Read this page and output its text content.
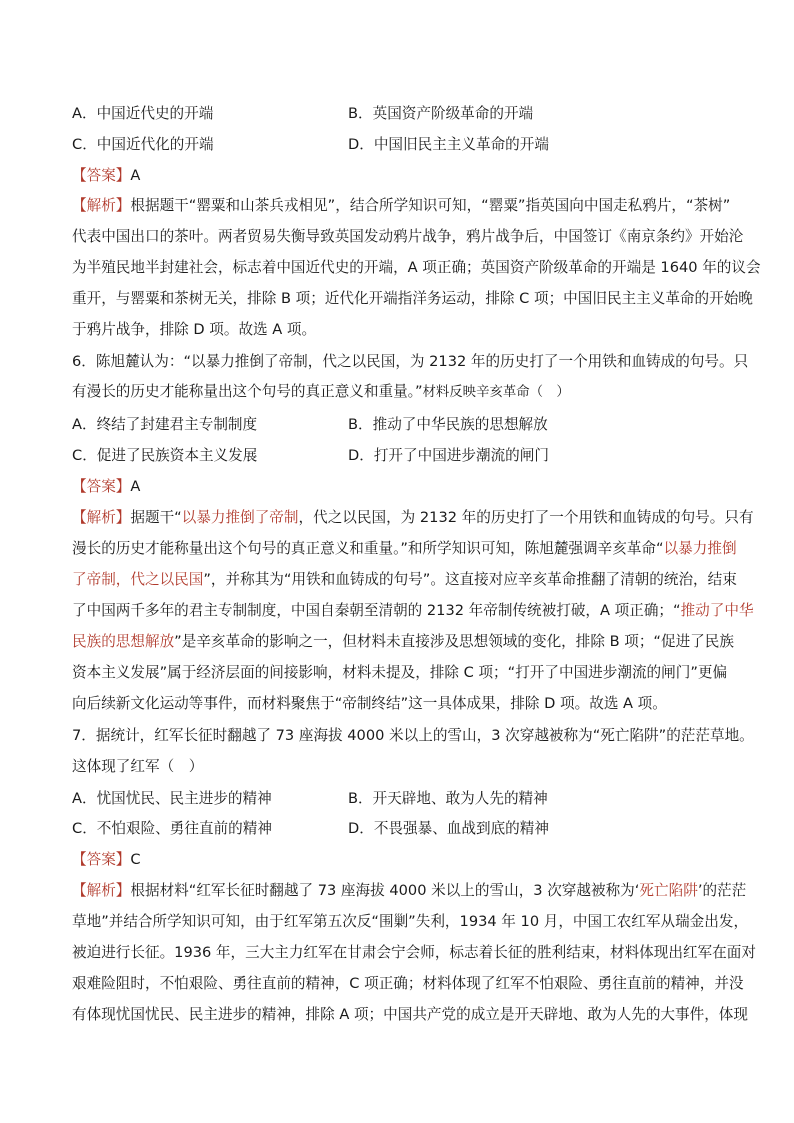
A．中国近代史的开端	B．英国资产阶级革命的开端
C．中国近代化的开端	D．中国旧民主主义革命的开端
【答案】A
【解析】根据题干“罂粟和山茶兵戎相见”，结合所学知识可知，“罂粟”指英国向中国走私鸦片，“茶树”
代表中国出口的茶叶。两者贸易失衡导致英国发动鸦片战争，鸦片战争后，中国签订《南京条约》开始沦
为半殖民地半封建社会，标志着中国近代史的开端，A 项正确；英国资产阶级革命的开端是 1640 年的议会
重开，与罂粟和茶树无关，排除 B 项；近代化开端指洋务运动，排除 C 项；中国旧民主主义革命的开始晚
于鸦片战争，排除 D 项。故选 A 项。
6．陈旭麓认为：“以暴力推倒了帝制，代之以民国，为 2132 年的历史打了一个用铁和血铸成的句号。只
有漫长的历史才能称量出这个句号的真正意义和重量。”材料反映辛亥革命（　）
A．终结了封建君主专制制度	B．推动了中华民族的思想解放
C．促进了民族资本主义发展	D．打开了中国进步潮流的闸门
【答案】A
【解析】据题干“以暴力推倒了帝制，代之以民国，为 2132 年的历史打了一个用铁和血铸成的句号。只有
漫长的历史才能称量出这个句号的真正意义和重量。”和所学知识可知，陈旭麓强调辛亥革命“以暴力推倒
了帝制，代之以民国”，并称其为“用铁和血铸成的句号”。这直接对应辛亥革命推翻了清朝的统治，结束
了中国两千多年的君主专制制度，中国自秦朝至清朝的 2132 年帝制传统被打破，A 项正确；“推动了中华
民族的思想解放”是辛亥革命的影响之一，但材料未直接涉及思想领域的变化，排除 B 项；“促进了民族
资本主义发展”属于经济层面的间接影响，材料未提及，排除 C 项；“打开了中国进步潮流的闸门”更偏
向后续新文化运动等事件，而材料聚焦于“帝制终结”这一具体成果，排除 D 项。故选 A 项。
7．据统计，红军长征时翻越了 73 座海拔 4000 米以上的雪山，3 次穿越被称为“死亡陷阱”的茫茫草地。
这体现了红军（　）
A．忧国忧民、民主进步的精神	B．开天辟地、敢为人先的精神
C．不怕艰险、勇往直前的精神	D．不畏强暴、血战到底的精神
【答案】C
【解析】根据材料“红军长征时翻越了 73 座海拔 4000 米以上的雪山，3 次穿越被称为‘死亡陷阱’的茫茫
草地”并结合所学知识可知，由于红军第五次反“围剿”失利，1934 年 10 月，中国工农红军从瑞金出发，
被迫进行长征。1936 年，三大主力红军在甘肃会宁会师，标志着长征的胜利结束，材料体现出红军在面对
艰难险阻时，不怕艰险、勇往直前的精神，C 项正确；材料体现了红军不怕艰险、勇往直前的精神，并没
有体现忧国忧民、民主进步的精神，排除 A 项；中国共产党的成立是开天辟地、敢为人先的大事件，体现
